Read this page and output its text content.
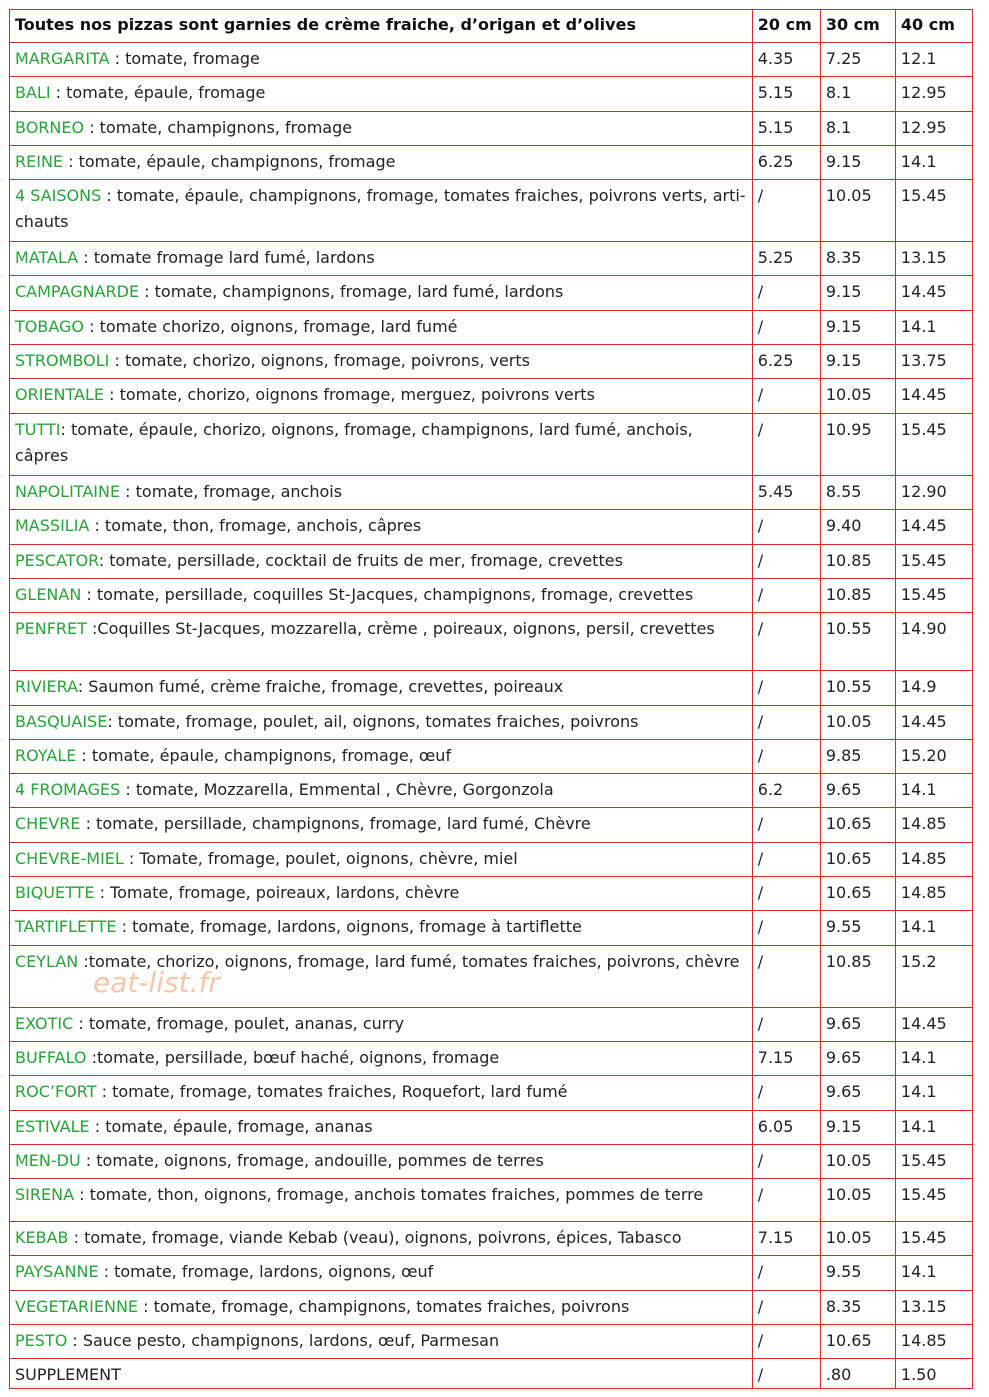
Toutes nos pizzas sont garnies de crème fraiche, d’origan et d’olives	20 cm	30 cm	40 cm
MARGARITA : tomate, fromage	4.35	7.25	12.1
BALI : tomate, épaule, fromage	5.15	8.1	12.95
BORNEO : tomate, champignons, fromage	5.15	8.1	12.95
REINE : tomate, épaule, champignons, fromage	6.25	9.15	14.1
4 SAISONS : tomate, épaule, champignons, fromage, tomates fraiches, poivrons verts, arti-chauts	/	10.05	15.45
MATALA : tomate fromage lard fumé, lardons	5.25	8.35	13.15
CAMPAGNARDE : tomate, champignons, fromage, lard fumé, lardons	/	9.15	14.45
TOBAGO : tomate chorizo, oignons, fromage, lard fumé	/	9.15	14.1
STROMBOLI : tomate, chorizo, oignons, fromage, poivrons, verts	6.25	9.15	13.75
ORIENTALE : tomate, chorizo, oignons fromage, merguez, poivrons verts	/	10.05	14.45
TUTTI: tomate, épaule, chorizo, oignons, fromage, champignons, lard fumé, anchois, câpres	/	10.95	15.45
NAPOLITAINE : tomate, fromage, anchois	5.45	8.55	12.90
MASSILIA : tomate, thon, fromage, anchois, câpres	/	9.40	14.45
PESCATOR: tomate, persillade, cocktail de fruits de mer, fromage, crevettes	/	10.85	15.45
GLENAN : tomate, persillade, coquilles St-Jacques, champignons, fromage, crevettes	/	10.85	15.45
PENFRET :Coquilles St-Jacques, mozzarella, crème , poireaux, oignons, persil, crevettes	/	10.55	14.90
RIVIERA: Saumon fumé, crème fraiche, fromage, crevettes, poireaux	/	10.55	14.9
BASQUAISE: tomate, fromage, poulet, ail, oignons, tomates fraiches, poivrons	/	10.05	14.45
ROYALE : tomate, épaule, champignons, fromage, œuf	/	9.85	15.20
4 FROMAGES : tomate, Mozzarella, Emmental , Chèvre, Gorgonzola	6.2	9.65	14.1
CHEVRE : tomate, persillade, champignons, fromage, lard fumé, Chèvre	/	10.65	14.85
CHEVRE-MIEL : Tomate, fromage, poulet, oignons, chèvre, miel	/	10.65	14.85
BIQUETTE : Tomate, fromage, poireaux, lardons, chèvre	/	10.65	14.85
TARTIFLETTE : tomate, fromage, lardons, oignons, fromage à tartiflette	/	9.55	14.1
CEYLAN :tomate, chorizo, oignons, fromage, lard fumé, tomates fraiches, poivrons, chèvre	/	10.85	15.2
EXOTIC : tomate, fromage, poulet, ananas, curry	/	9.65	14.45
BUFFALO :tomate, persillade, bœuf haché, oignons, fromage	7.15	9.65	14.1
ROC’FORT : tomate, fromage, tomates fraiches, Roquefort, lard fumé	/	9.65	14.1
ESTIVALE : tomate, épaule, fromage, ananas	6.05	9.15	14.1
MEN-DU : tomate, oignons, fromage, andouille, pommes de terres	/	10.05	15.45
SIRENA : tomate, thon, oignons, fromage, anchois tomates fraiches, pommes de terre	/	10.05	15.45
KEBAB : tomate, fromage, viande Kebab (veau), oignons, poivrons, épices, Tabasco	7.15	10.05	15.45
PAYSANNE : tomate, fromage, lardons, oignons, œuf	/	9.55	14.1
VEGETARIENNE : tomate, fromage, champignons, tomates fraiches, poivrons	/	8.35	13.15
PESTO : Sauce pesto, champignons, lardons, œuf, Parmesan	/	10.65	14.85
SUPPLEMENT	/	.80	1.50
eat-list.fr
